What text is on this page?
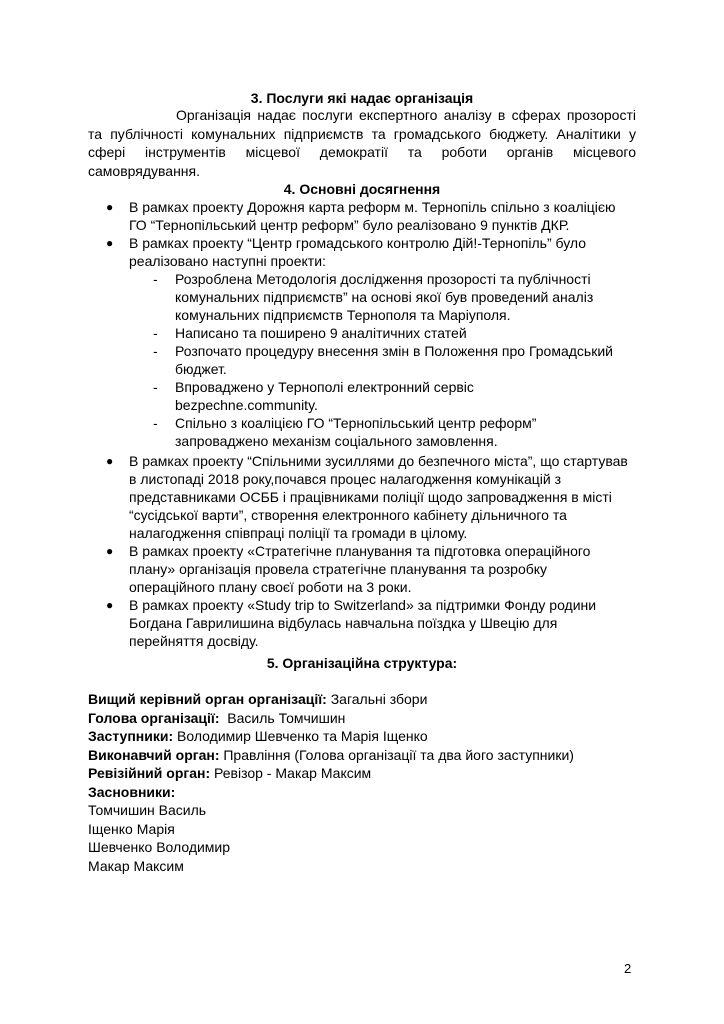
3. Послуги які надає організація

Організація надає послуги експертного аналізу в сферах прозорості та публічності комунальних підприємств та громадського бюджету. Аналітики у сфері інструментів місцевої демократії та роботи органів місцевого самоврядування.

4. Основні досягнення
● В рамках проекту Дорожня карта реформ м. Тернопіль спільно з коаліцією ГО “Тернопільський центр реформ” було реалізовано 9 пунктів ДКР.
● В рамках проекту “Центр громадського контролю Дій!-Тернопіль” було реалізовано наступні проекти:
- Розроблена Методологія дослідження прозорості та публічності комунальних підприємств” на основі якої був проведений аналіз комунальних підприємств Тернополя та Маріуполя.
- Написано та поширено 9 аналітичних статей
- Розпочато процедуру внесення змін в Положення про Громадський бюджет.
- Впроваджено у Тернополі електронний сервіс bezpechne.community.
- Спільно з коаліцією ГО “Тернопільський центр реформ” запроваджено механізм соціального замовлення.
● В рамках проекту “Спільними зусиллями до безпечного міста”, що стартував в листопаді 2018 року,почався процес налагодження комунікацій з представниками ОСББ і працівниками поліції щодо запровадження в місті “сусідської варти”, створення електронного кабінету дільничного та налагодження співпраці поліції та громади в цілому.
● В рамках проекту «Стратегічне планування та підготовка операційного плану» організація провела стратегічне планування та розробку операційного плану своєї роботи на 3 роки.
● В рамках проекту «Study trip to Switzerland» за підтримки Фонду родини Богдана Гаврилишина відбулась навчальна поїздка у Швецію для перейняття досвіду.
5. Організаційна структура:

Вищий керівний орган організації: Загальні збори

Голова організації:  Василь Томчишин

Заступники: Володимир Шевченко та Марія Іщенко

Виконавчий орган: Правління (Голова організації та два його заступники)

Ревізійний орган: Ревізор - Макар Максим

Засновники:

Томчишин Василь

Іщенко Марія

Шевченко Володимир

Макар Максим

2
